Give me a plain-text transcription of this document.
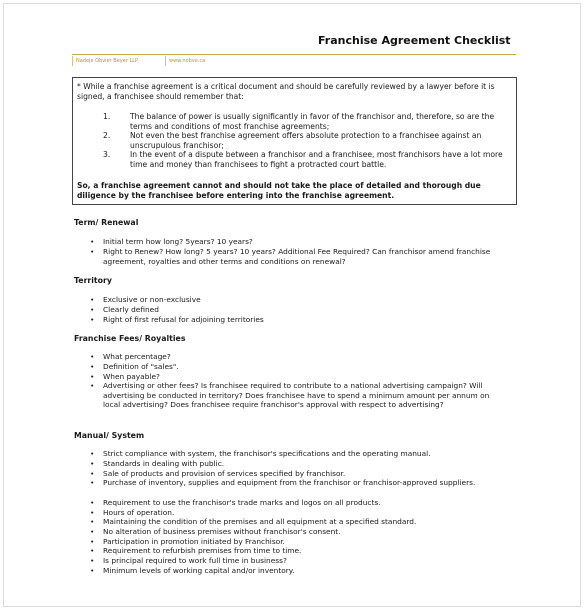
Franchise Agreement Checklist
Nadeje Obvier Beyer LLP	www.nobve.ca
* While a franchise agreement is a critical document and should be carefully reviewed by a lawyer before it is signed, a franchisee should remember that:
1.	The balance of power is usually significantly in favor of the franchisor and, therefore, so are the terms and conditions of most franchise agreements;
2.	Not even the best franchise agreement offers absolute protection to a franchisee against an unscrupulous franchisor;
3.	In the event of a dispute between a franchisor and a franchisee, most franchisors have a lot more time and money than franchisees to fight a protracted court battle.
So, a franchise agreement cannot and should not take the place of detailed and thorough due diligence by the franchisee before entering into the franchise agreement.
Term/ Renewal
•	Initial term how long? 5years? 10 years?
•	Right to Renew? How long? 5 years? 10 years? Additional Fee Required? Can franchisor amend franchise agreement, royalties and other terms and conditions on renewal?
Territory
•	Exclusive or non-exclusive
•	Clearly defined
•	Right of first refusal for adjoining territories
Franchise Fees/ Royalties
•	What percentage?
•	Definition of "sales".
•	When payable?
•	Advertising or other fees? Is franchisee required to contribute to a national advertising campaign? Will advertising be conducted in territory? Does franchisee have to spend a minimum amount per annum on local advertising? Does franchisee require franchisor's approval with respect to advertising?
Manual/ System
•	Strict compliance with system, the franchisor's specifications and the operating manual.
•	Standards in dealing with public.
•	Sale of products and provision of services specified by franchisor.
•	Purchase of inventory, supplies and equipment from the franchisor or franchisor-approved suppliers.
•	Requirement to use the franchisor's trade marks and logos on all products.
•	Hours of operation.
•	Maintaining the condition of the premises and all equipment at a specified standard.
•	No alteration of business premises without franchisor's consent.
•	Participation in promotion initiated by Franchisor.
•	Requirement to refurbish premises from time to time.
•	Is principal required to work full time in business?
•	Minimum levels of working capital and/or inventory.
